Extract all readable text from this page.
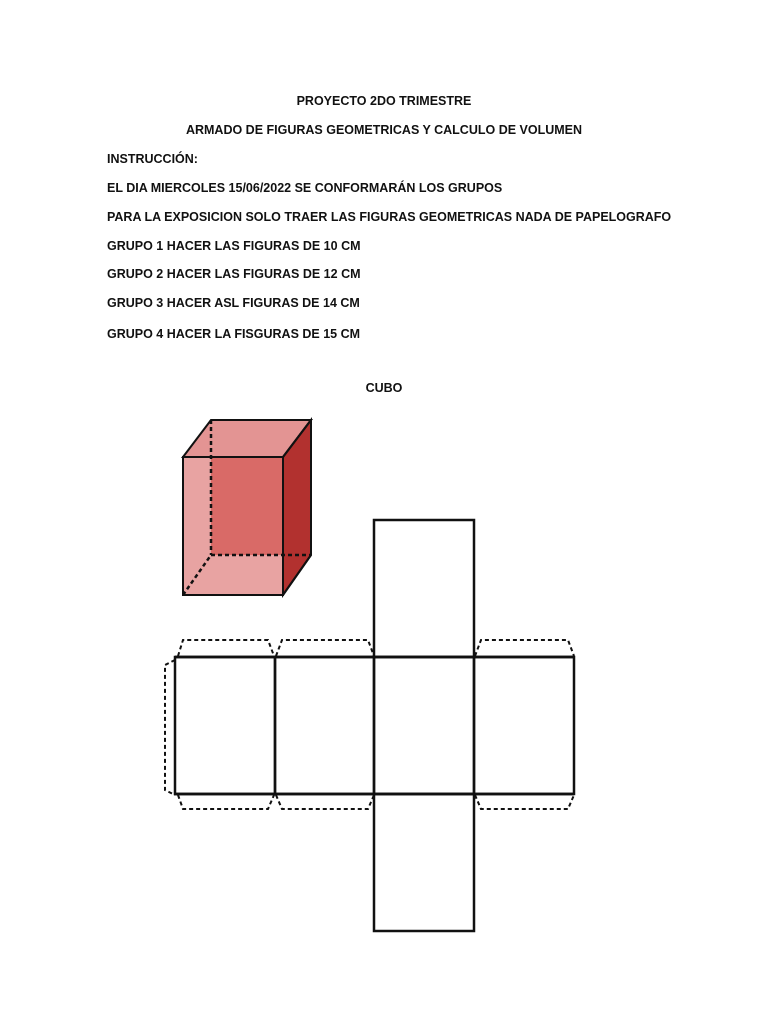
PROYECTO 2DO TRIMESTRE
ARMADO DE FIGURAS GEOMETRICAS Y CALCULO DE VOLUMEN
INSTRUCCIÓN:
EL DIA MIERCOLES 15/06/2022 SE CONFORMARÁN LOS GRUPOS
PARA LA EXPOSICION SOLO TRAER LAS FIGURAS GEOMETRICAS NADA DE PAPELOGRAFO
GRUPO 1 HACER LAS FIGURAS DE 10 CM
GRUPO 2 HACER LAS FIGURAS DE 12 CM
GRUPO 3 HACER ASL FIGURAS DE 14 CM
GRUPO 4 HACER LA FISGURAS DE 15 CM
CUBO
